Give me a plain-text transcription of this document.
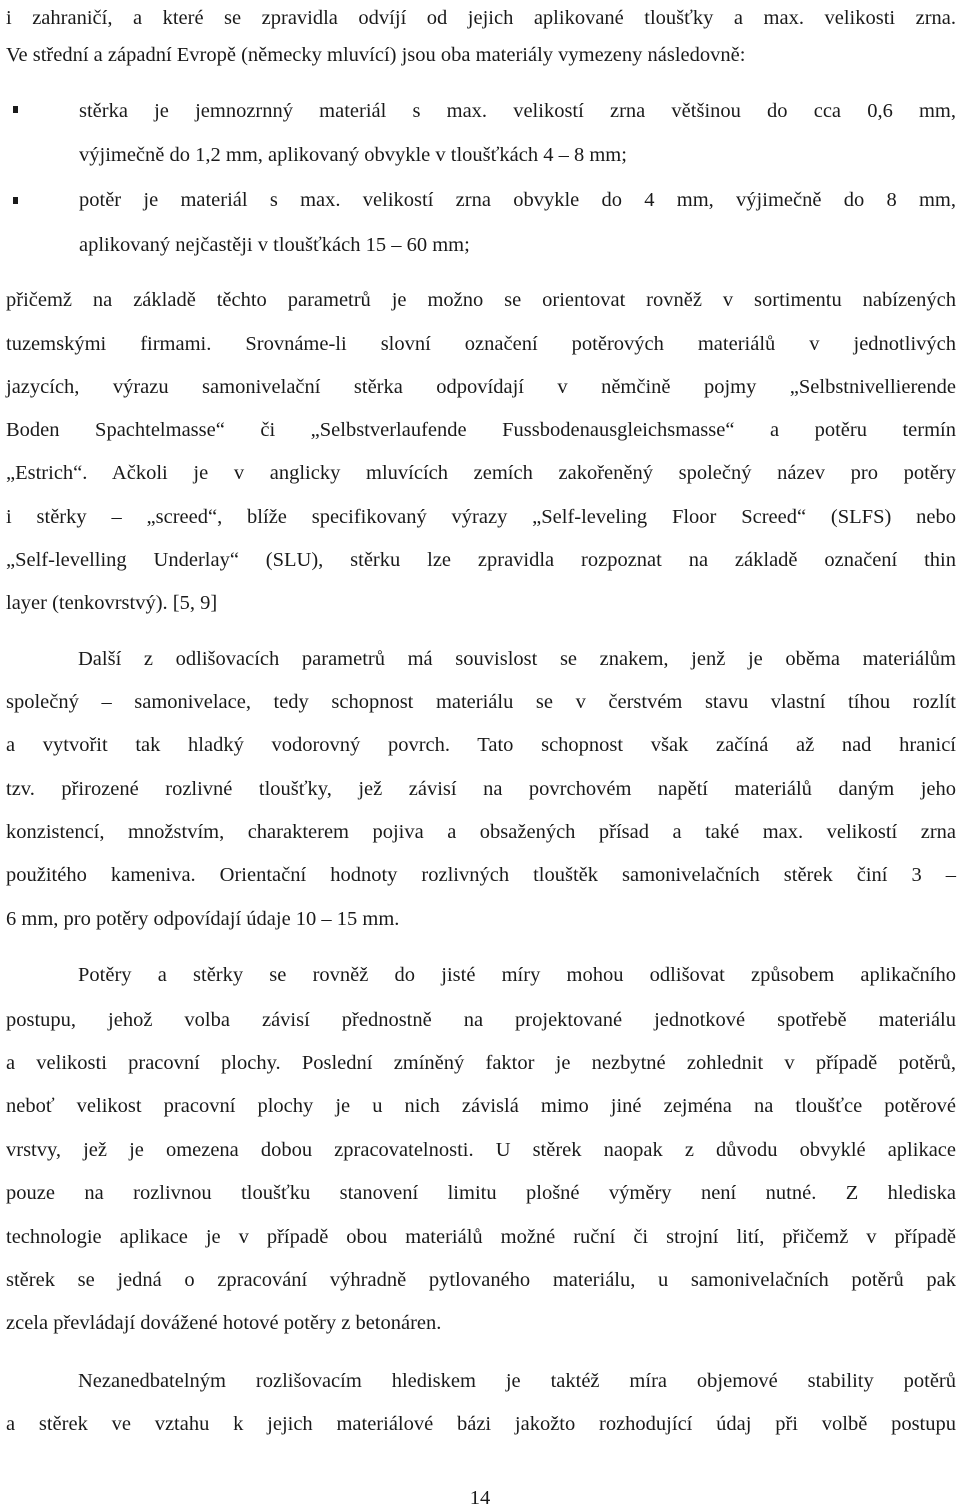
i zahraničí, a které se zpravidla odvíjí od jejich aplikované tloušťky a max. velikosti zrna.
Ve střední a západní Evropě (německy mluvící) jsou oba materiály vymezeny následovně:
stěrka je jemnozrnný materiál s max. velikostí zrna většinou do cca 0,6 mm,
výjimečně do 1,2 mm, aplikovaný obvykle v tloušťkách 4 – 8 mm;
potěr je materiál s max. velikostí zrna obvykle do 4 mm, výjimečně do 8 mm,
aplikovaný nejčastěji v tloušťkách 15 – 60 mm;
přičemž na základě těchto parametrů je možno se orientovat rovněž v sortimentu nabízených
tuzemskými firmami. Srovnáme-li slovní označení potěrových materiálů v jednotlivých
jazycích, výrazu samonivelační stěrka odpovídají v němčině pojmy „Selbstnivellierende
Boden Spachtelmasse“ či „Selbstverlaufende Fussbodenausgleichsmasse“ a potěru termín
„Estrich“. Ačkoli je v anglicky mluvících zemích zakořeněný společný název pro potěry
i stěrky – „screed“, blíže specifikovaný výrazy „Self-leveling Floor Screed“ (SLFS) nebo
„Self-levelling Underlay“ (SLU), stěrku lze zpravidla rozpoznat na základě označení thin
layer (tenkovrstvý). [5, 9]
Další z odlišovacích parametrů má souvislost se znakem, jenž je oběma materiálům
společný – samonivelace, tedy schopnost materiálu se v čerstvém stavu vlastní tíhou rozlít
a vytvořit tak hladký vodorovný povrch. Tato schopnost však začíná až nad hranicí
tzv. přirozené rozlivné tloušťky, jež závisí na povrchovém napětí materiálů daným jeho
konzistencí, množstvím, charakterem pojiva a obsažených přísad a také max. velikostí zrna
použitého kameniva. Orientační hodnoty rozlivných tlouštěk samonivelačních stěrek činí 3 –
6 mm, pro potěry odpovídají údaje 10 – 15 mm.
Potěry a stěrky se rovněž do jisté míry mohou odlišovat způsobem aplikačního
postupu, jehož volba závisí přednostně na projektované jednotkové spotřebě materiálu
a velikosti pracovní plochy. Poslední zmíněný faktor je nezbytné zohlednit v případě potěrů,
neboť velikost pracovní plochy je u nich závislá mimo jiné zejména na tloušťce potěrové
vrstvy, jež je omezena dobou zpracovatelnosti. U stěrek naopak z důvodu obvyklé aplikace
pouze na rozlivnou tloušťku stanovení limitu plošné výměry není nutné. Z hlediska
technologie aplikace je v případě obou materiálů možné ruční či strojní lití, přičemž v případě
stěrek se jedná o zpracování výhradně pytlovaného materiálu, u samonivelačních potěrů pak
zcela převládají dovážené hotové potěry z betonáren.
Nezanedbatelným rozlišovacím hlediskem je taktéž míra objemové stability potěrů
a stěrek ve vztahu k jejich materiálové bázi jakožto rozhodující údaj při volbě postupu
14
